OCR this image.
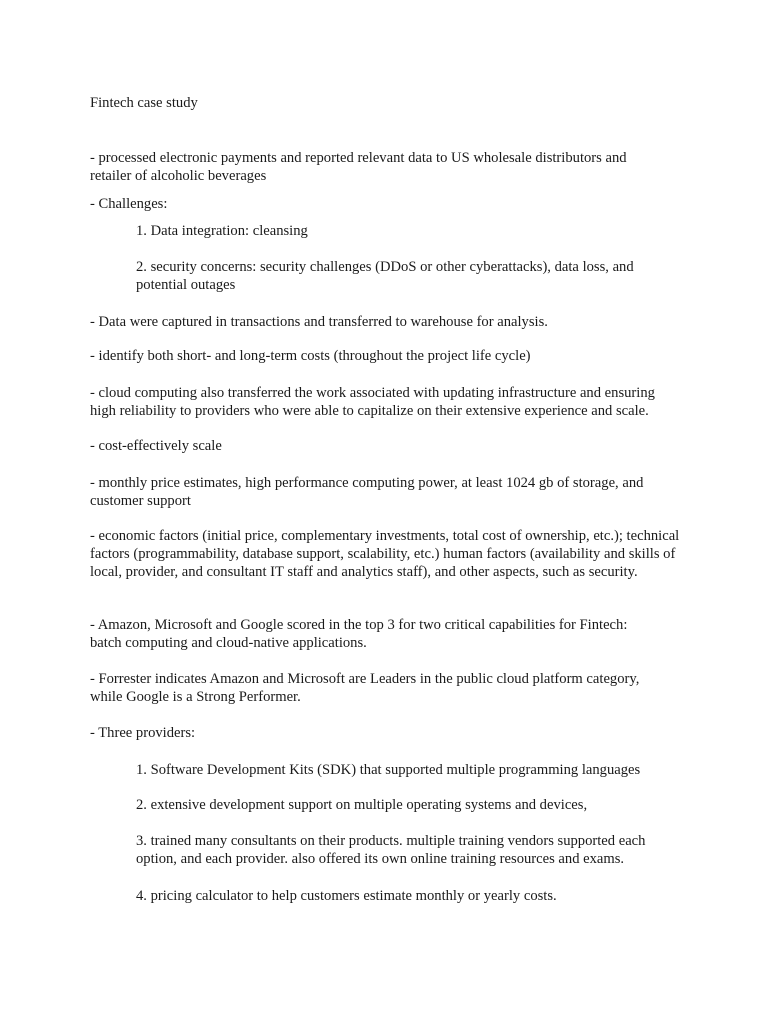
Fintech case study

- processed electronic payments and reported relevant data to US wholesale distributors and retailer of alcoholic beverages

- Challenges:

1. Data integration: cleansing

2. security concerns: security challenges (DDoS or other cyberattacks), data loss, and potential outages

- Data were captured in transactions and transferred to warehouse for analysis.

- identify both short- and long-term costs (throughout the project life cycle)

- cloud computing also transferred the work associated with updating infrastructure and ensuring high reliability to providers who were able to capitalize on their extensive experience and scale.

- cost-effectively scale

- monthly price estimates, high performance computing power, at least 1024 gb of storage, and customer support

- economic factors (initial price, complementary investments, total cost of ownership, etc.); technical factors (programmability, database support, scalability, etc.) human factors (availability and skills of local, provider, and consultant IT staff and analytics staff), and other aspects, such as security.

- Amazon, Microsoft and Google scored in the top 3 for two critical capabilities for Fintech: batch computing and cloud-native applications.

- Forrester indicates Amazon and Microsoft are Leaders in the public cloud platform category, while Google is a Strong Performer.

- Three providers:

1. Software Development Kits (SDK) that supported multiple programming languages

2. extensive development support on multiple operating systems and devices,

3. trained many consultants on their products. multiple training vendors supported each option, and each provider. also offered its own online training resources and exams.

4. pricing calculator to help customers estimate monthly or yearly costs.
